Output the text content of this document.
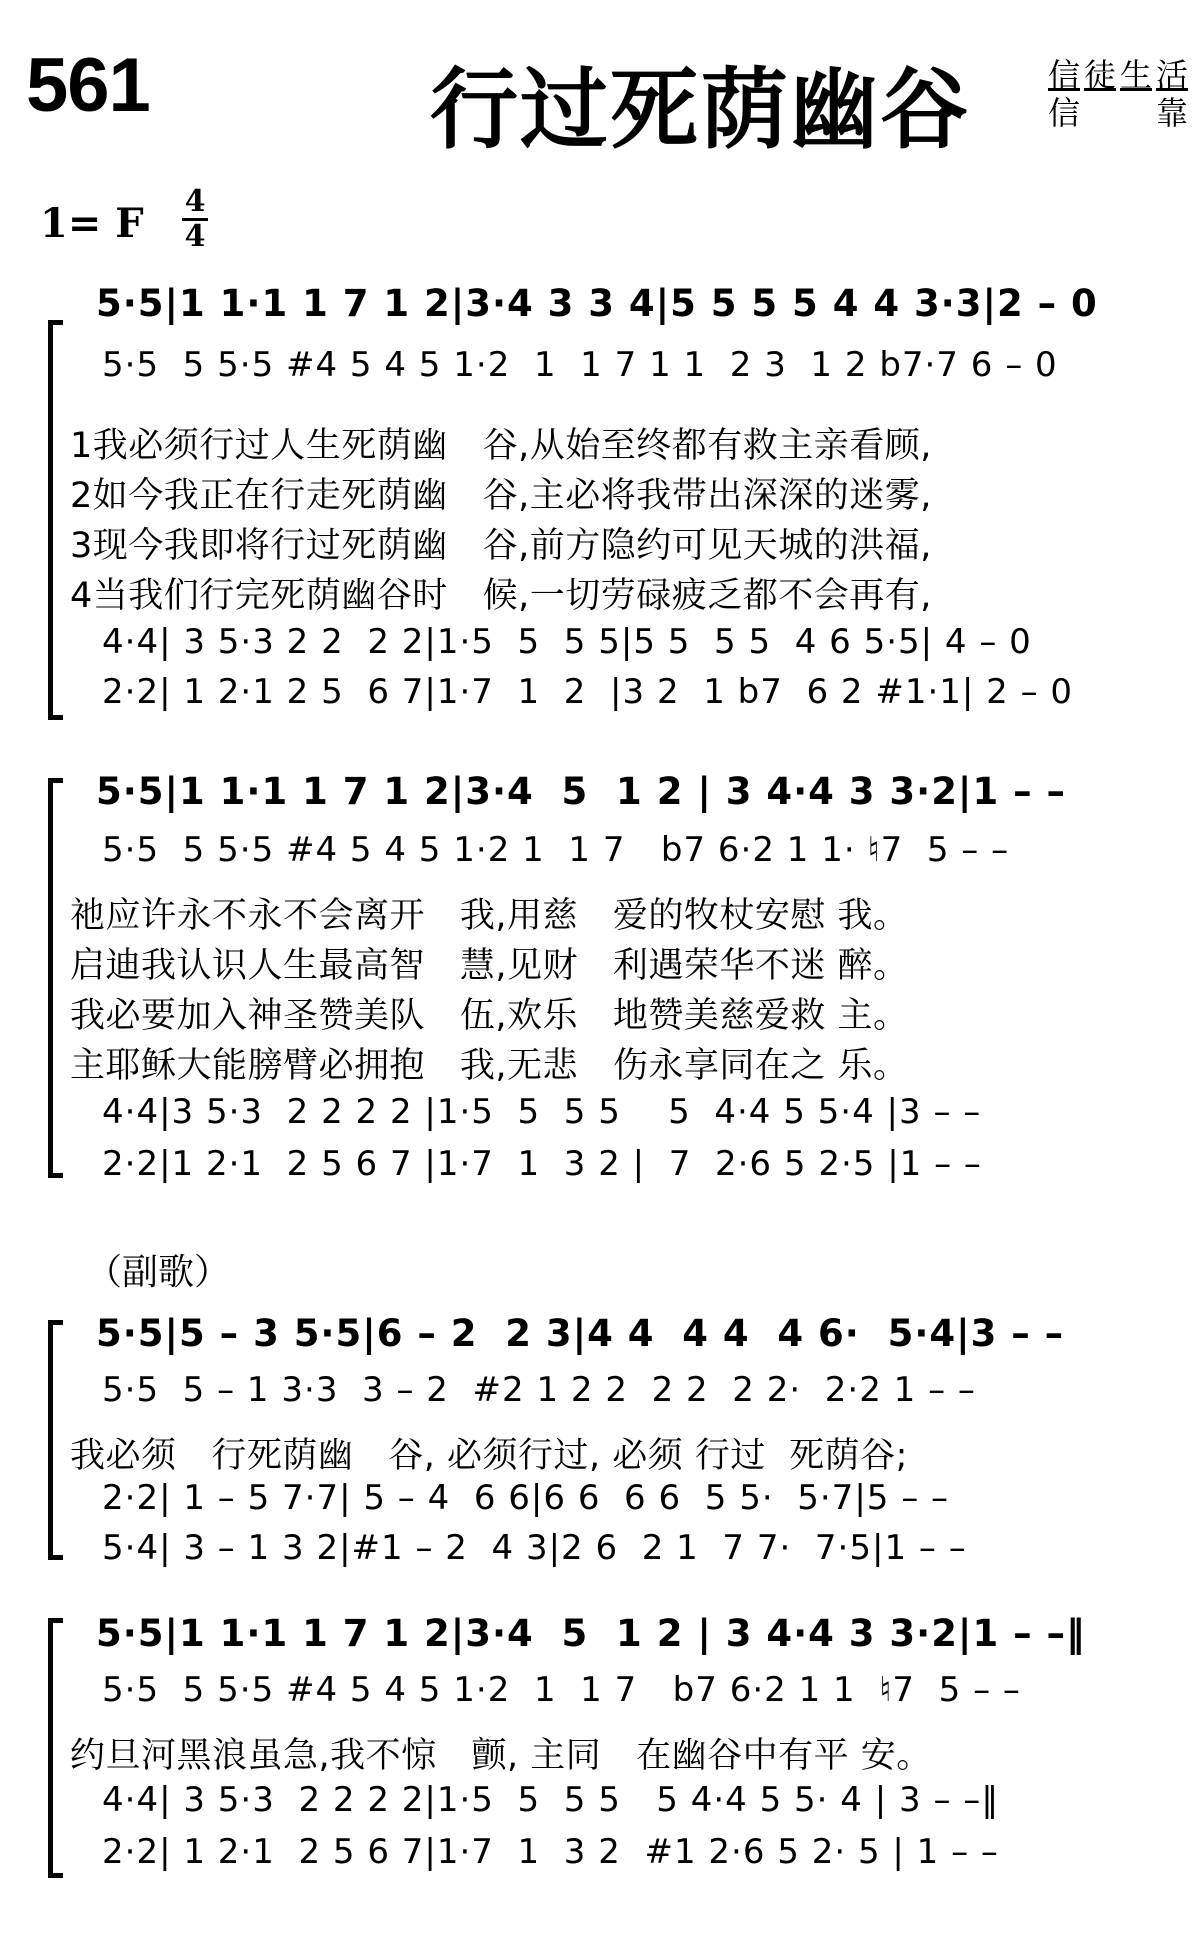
561	行过死荫幽谷 信 徒 生 活
信 靠
1= F 4
4
5·5|1 1·1 1 7 1 2|3·4 3 3 4|5 5 5 5 4 4 3·3|2 – 0
5·5  5 5·5 #4 5 4 5 1·2  1  1 7 1 1  2 3  1 2 b7·7 6 – 0
1我必须行过人生死荫幽   谷,从始至终都有救主亲看顾,
2如今我正在行走死荫幽   谷,主必将我带出深深的迷雾,
3现今我即将行过死荫幽   谷,前方隐约可见天城的洪福,
4当我们行完死荫幽谷时   候,一切劳碌疲乏都不会再有,
4·4| 3 5·3 2 2  2 2|1·5  5  5 5|5 5  5 5  4 6 5·5| 4 – 0
2·2| 1 2·1 2 5  6 7|1·7  1  2  |3 2  1 b7  6 2 #1·1| 2 – 0
5·5|1 1·1 1 7 1 2|3·4  5  1 2 | 3 4·4 3 3·2|1 – –
5·5  5 5·5 #4 5 4 5 1·2 1  1 7   b7 6·2 1 1· ♮7  5 – –
祂应许永不永不会离开   我,用慈   爱的牧杖安慰 我。
启迪我认识人生最高智   慧,见财   利遇荣华不迷 醉。
我必要加入神圣赞美队   伍,欢乐   地赞美慈爱救 主。
主耶稣大能膀臂必拥抱   我,无悲   伤永享同在之 乐。
4·4|3 5·3  2 2 2 2 |1·5  5  5 5    5  4·4 5 5·4 |3 – –
2·2|1 2·1  2 5 6 7 |1·7  1  3 2 |  7  2·6 5 2·5 |1 – –
（副歌）
5·5|5 – 3 5·5|6 – 2  2 3|4 4  4 4  4 6·  5·4|3 – –
5·5  5 – 1 3·3  3 – 2  #2 1 2 2  2 2  2 2·  2·2 1 – –
我必须   行死荫幽   谷, 必须行过, 必须 行过  死荫谷;
2·2| 1 – 5 7·7| 5 – 4  6 6|6 6  6 6  5 5·  5·7|5 – –
5·4| 3 – 1 3 2|#1 – 2  4 3|2 6  2 1  7 7·  7·5|1 – –
5·5|1 1·1 1 7 1 2|3·4  5  1 2 | 3 4·4 3 3·2|1 – –‖
5·5  5 5·5 #4 5 4 5 1·2  1  1 7   b7 6·2 1 1  ♮7  5 – –
约旦河黑浪虽急,我不惊   颤, 主同   在幽谷中有平 安。
4·4| 3 5·3  2 2 2 2|1·5  5  5 5   5 4·4 5 5· 4 | 3 – –‖
2·2| 1 2·1  2 5 6 7|1·7  1  3 2  #1 2·6 5 2· 5 | 1 – –
